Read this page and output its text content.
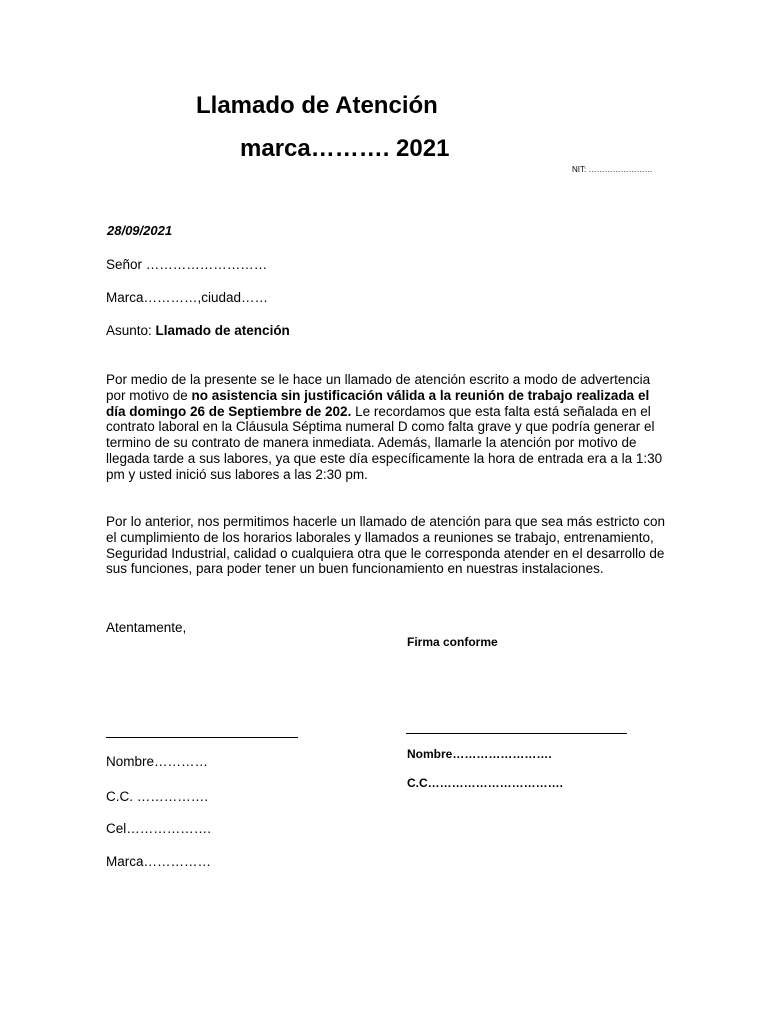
Llamado de Atención
marca………. 2021
NIT: ……………………
28/09/2021
Señor ………………………
Marca…………,ciudad……
Asunto: Llamado de atención
Por medio de la presente se le hace un llamado de atención escrito a modo de advertencia por motivo de no asistencia sin justificación válida a la reunión de trabajo realizada el día domingo 26 de Septiembre de 202. Le recordamos que esta falta está señalada en el contrato laboral en la Cláusula Séptima numeral D como falta grave y que podría generar el termino de su contrato de manera inmediata. Además, llamarle la atención por motivo de llegada tarde a sus labores, ya que este día específicamente la hora de entrada era a la 1:30 pm y usted inició sus labores a las 2:30 pm.
Por lo anterior, nos permitimos hacerle un llamado de atención para que sea más estricto con el cumplimiento de los horarios laborales y llamados a reuniones se trabajo, entrenamiento, Seguridad Industrial, calidad o cualquiera otra que le corresponda atender en el desarrollo de sus funciones, para poder tener un buen funcionamiento en nuestras instalaciones.
Atentamente,
Firma conforme
Nombre…………
C.C. …………….
Cel……………….
Marca……………
Nombre…………………….
C.C…………………………….
